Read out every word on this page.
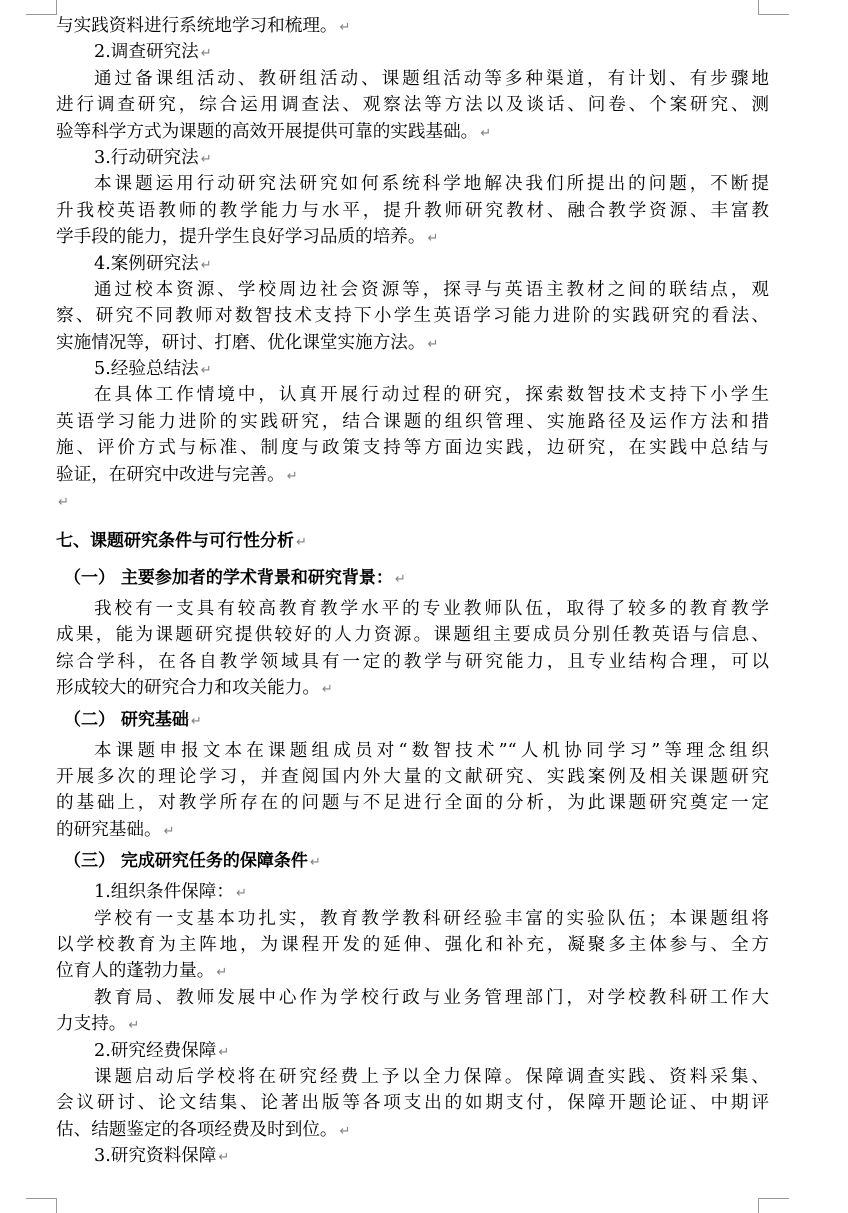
与实践资料进行系统地学习和梳理。 ↵
2.调查研究法 ↵
通过备课组活动、教研组活动、课题组活动等多种渠道，有计划、有步骤地
进行调查研究，综合运用调查法、观察法等方法以及谈话、问卷、个案研究、测
验等科学方式为课题的高效开展提供可靠的实践基础。 ↵
3.行动研究法 ↵
本课题运用行动研究法研究如何系统科学地解决我们所提出的问题，不断提
升我校英语教师的教学能力与水平，提升教师研究教材、融合教学资源、丰富教
学手段的能力，提升学生良好学习品质的培养。 ↵
4.案例研究法 ↵
通过校本资源、学校周边社会资源等，探寻与英语主教材之间的联结点，观
察、研究不同教师对数智技术支持下小学生英语学习能力进阶的实践研究的看法、
实施情况等，研讨、打磨、优化课堂实施方法。 ↵
5.经验总结法 ↵
在具体工作情境中，认真开展行动过程的研究，探索数智技术支持下小学生
英语学习能力进阶的实践研究，结合课题的组织管理、实施路径及运作方法和措
施、评价方式与标准、制度与政策支持等方面边实践，边研究，在实践中总结与
验证，在研究中改进与完善。 ↵
↵
七、课题研究条件与可行性分析 ↵
（一） 主要参加者的学术背景和研究背景： ↵
我校有一支具有较高教育教学水平的专业教师队伍，取得了较多的教育教学
成果，能为课题研究提供较好的人力资源。课题组主要成员分别任教英语与信息、
综合学科，在各自教学领域具有一定的教学与研究能力，且专业结构合理，可以
形成较大的研究合力和攻关能力。 ↵
（二） 研究基础 ↵
本课题申报文本在课题组成员对“数智技术”“人机协同学习”等理念组织
开展多次的理论学习，并查阅国内外大量的文献研究、实践案例及相关课题研究
的基础上，对教学所存在的问题与不足进行全面的分析，为此课题研究奠定一定
的研究基础。 ↵
（三） 完成研究任务的保障条件 ↵
1.组织条件保障： ↵
学校有一支基本功扎实，教育教学教科研经验丰富的实验队伍；本课题组将
以学校教育为主阵地，为课程开发的延伸、强化和补充，凝聚多主体参与、全方
位育人的蓬勃力量。 ↵
教育局、教师发展中心作为学校行政与业务管理部门，对学校教科研工作大
力支持。 ↵
2.研究经费保障 ↵
课题启动后学校将在研究经费上予以全力保障。保障调查实践、资料采集、
会议研讨、论文结集、论著出版等各项支出的如期支付，保障开题论证、中期评
估、结题鉴定的各项经费及时到位。 ↵
3.研究资料保障 ↵
